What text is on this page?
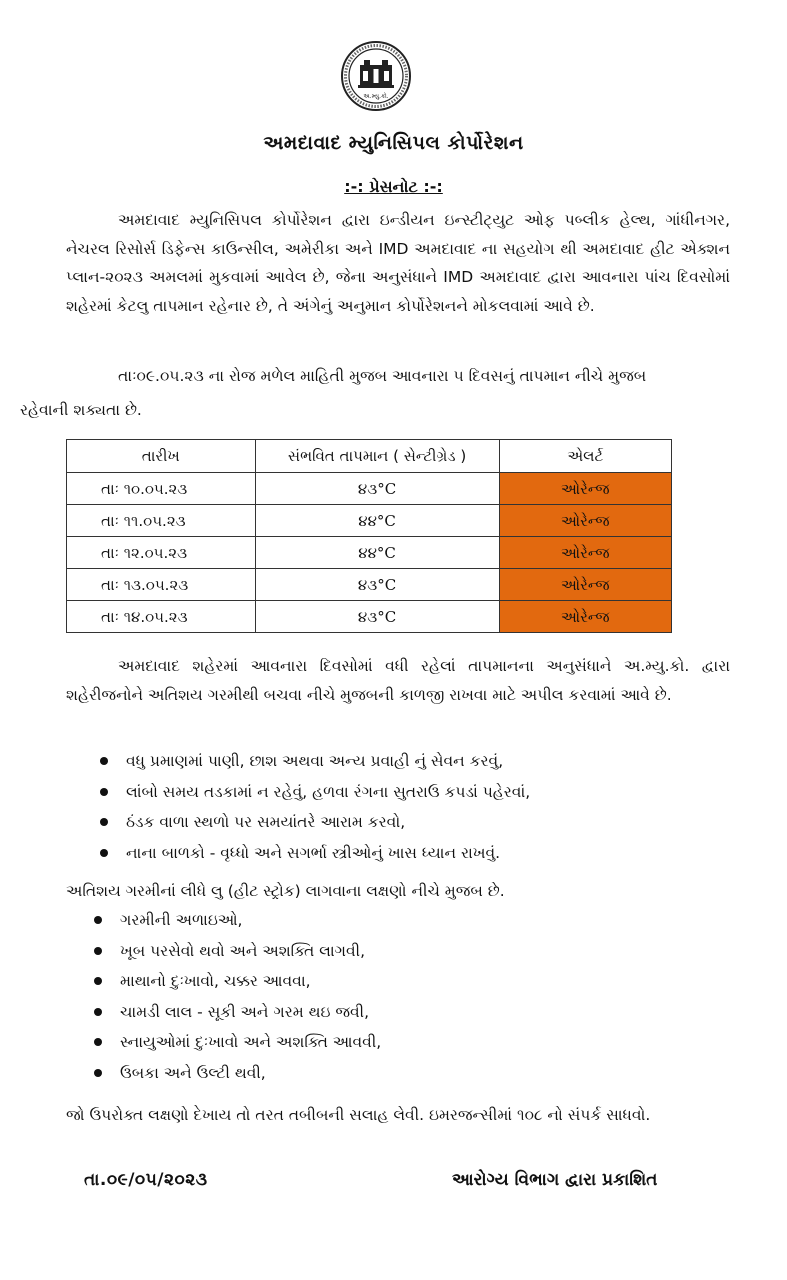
અ.મ્યુ.કો.
અમદાવાદ મ્યુનિસિપલ કોર્પોરેશન
:-: પ્રેસનોટ :-:
અમદાવાદ મ્યુનિસિપલ કોર્પોરેશન દ્વારા ઇન્ડીયન ઇન્સ્ટીટ્યુટ ઓફ પબ્લીક હેલ્થ, ગાંધીનગર, નેચરલ રિસોર્સ ડિફેન્સ કાઉન્સીલ, અમેરીકા અને IMD અમદાવાદ ના સહયોગ થી અમદાવાદ હીટ એક્શન પ્લાન-૨૦૨૩ અમલમાં મુકવામાં આવેલ છે, જેના અનુસંધાને IMD અમદાવાદ દ્વારા આવનારા પાંચ દિવસોમાં શહેરમાં કેટલુ તાપમાન રહેનાર છે, તે અંગેનું અનુમાન કોર્પોરેશનને મોકલવામાં આવે છે.
તાઃ૦૯.૦૫.૨૩ ના રોજ મળેલ માહિતી મુજબ આવનારા ૫ દિવસનું તાપમાન નીચે મુજબ
રહેવાની શક્યતા છે.
તારીખ	સંભવિત તાપમાન ( સેન્ટીગ્રેડ )	એલર્ટ
તાઃ ૧૦.૦૫.૨૩	૪૩°C	ઓરેન્જ
તાઃ ૧૧.૦૫.૨૩	૪૪°C	ઓરેન્જ
તાઃ ૧૨.૦૫.૨૩	૪૪°C	ઓરેન્જ
તાઃ ૧૩.૦૫.૨૩	૪૩°C	ઓરેન્જ
તાઃ ૧૪.૦૫.૨૩	૪૩°C	ઓરેન્જ
અમદાવાદ શહેરમાં આવનારા દિવસોમાં વધી રહેલાં તાપમાનના અનુસંધાને અ.મ્યુ.કો. દ્વારા શહેરીજનોને અતિશય ગરમીથી બચવા નીચે મુજબની કાળજી રાખવા માટે અપીલ કરવામાં આવે છે.
વધુ પ્રમાણમાં પાણી, છાશ અથવા અન્ય પ્રવાહી નું સેવન કરવું,
લાંબો સમય તડકામાં ન રહેવું, હળવા રંગના સુતરાઉ કપડાં પહેરવાં,
ઠંડક વાળા સ્થળો પર સમયાંતરે આરામ કરવો,
નાના બાળકો - વૃધ્ધો અને સગર્ભા સ્ત્રીઓનું ખાસ ધ્યાન રાખવું.
અતિશય ગરમીનાં લીધે લુ (હીટ સ્ટ્રોક) લાગવાના લક્ષણો નીચે મુજબ છે.
ગરમીની અળાઇઓ,
ખૂબ પરસેવો થવો અને અશક્તિ લાગવી,
માથાનો દુઃખાવો, ચક્કર આવવા,
ચામડી લાલ - સૂકી અને ગરમ થઇ જવી,
સ્નાયુઓમાં દુઃખાવો અને અશક્તિ આવવી,
ઉબકા અને ઉલ્ટી થવી,
જો ઉપરોક્ત લક્ષણો દેખાય તો તરત તબીબની સલાહ લેવી. ઇમરજન્સીમાં ૧૦૮ નો સંપર્ક સાધવો.
તા.૦૯/૦૫/૨૦૨૩	આરોગ્ય વિભાગ દ્વારા પ્રકાશિત
